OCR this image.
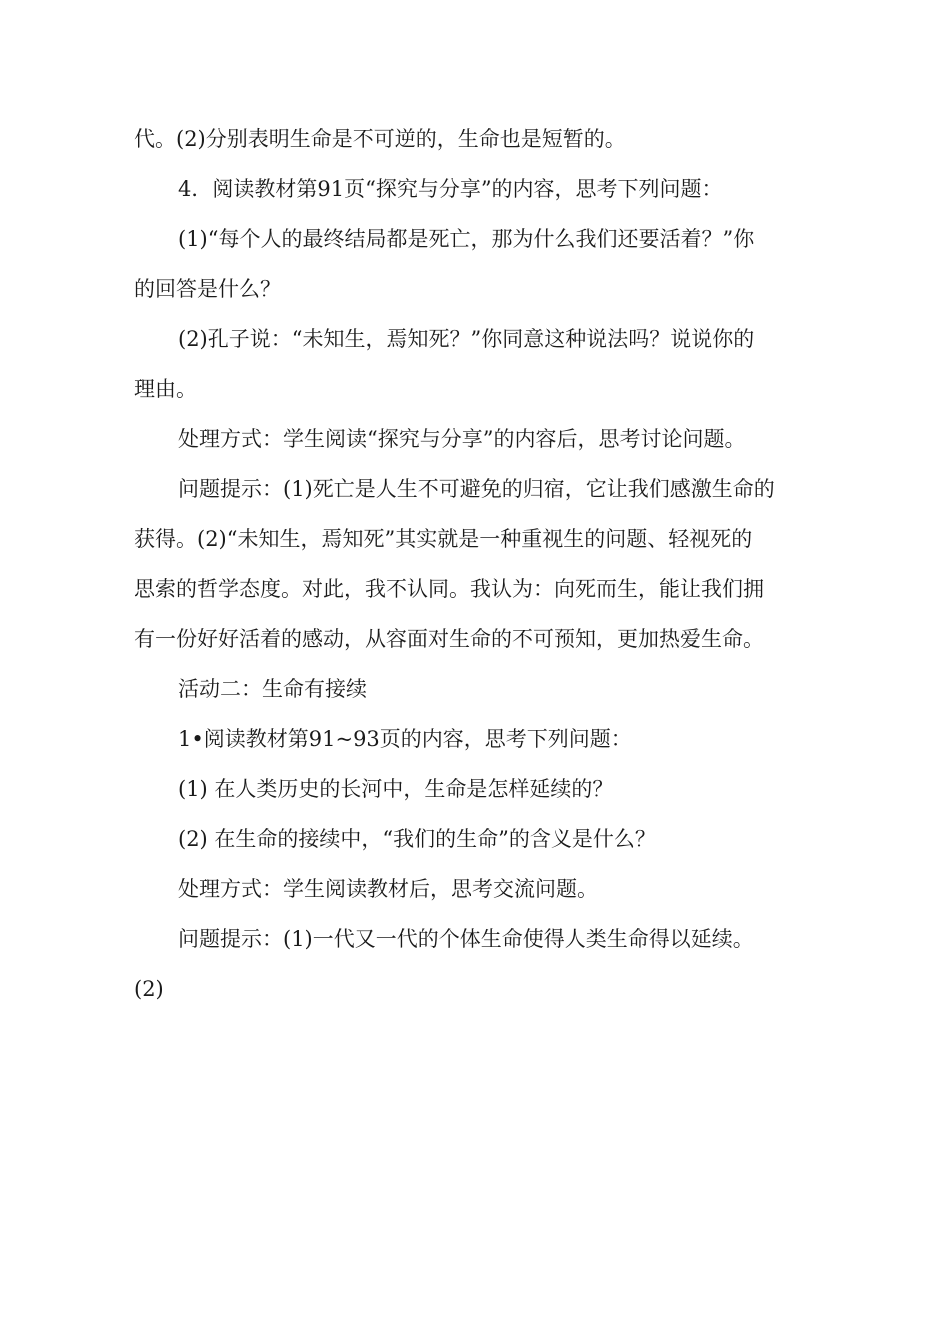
代。(2)分别表明生命是不可逆的，生命也是短暂的。
4．阅读教材第91页“探究与分享”的内容，思考下列问题：
(1)“每个人的最终结局都是死亡，那为什么我们还要活着？”你
的回答是什么？
(2)孔子说：“未知生，焉知死？”你同意这种说法吗？说说你的
理由。
处理方式：学生阅读“探究与分享”的内容后，思考讨论问题。
问题提示：(1)死亡是人生不可避免的归宿，它让我们感激生命的
获得。(2)“未知生，焉知死”其实就是一种重视生的问题、轻视死的
思索的哲学态度。对此，我不认同。我认为：向死而生，能让我们拥
有一份好好活着的感动，从容面对生命的不可预知，更加热爱生命。
活动二：生命有接续
1•阅读教材第91~93页的内容，思考下列问题：
(1) 在人类历史的长河中，生命是怎样延续的？
(2) 在生命的接续中，“我们的生命”的含义是什么？
处理方式：学生阅读教材后，思考交流问题。
问题提示：(1)一代又一代的个体生命使得人类生命得以延续。
(2)
